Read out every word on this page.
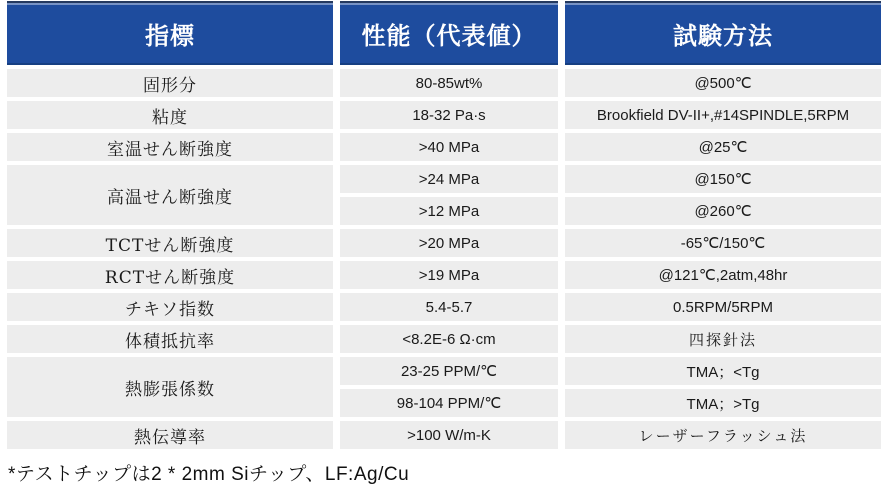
指標	性能（代表値）	試験方法
固形分	80-85wt%	@500℃
粘度	18-32 Pa·s	Brookfield DV-II+,#14SPINDLE,5RPM
室温せん断強度	>40 MPa	@25℃
高温せん断強度	>24 MPa	@150℃
	>12 MPa	@260℃
TCTせん断強度	>20 MPa	-65℃/150℃
RCTせん断強度	>19 MPa	@121℃,2atm,48hr
チキソ指数	5.4-5.7	0.5RPM/5RPM
体積抵抗率	<8.2E-6 Ω·cm	四探針法
熱膨張係数	23-25 PPM/℃	TMA；<Tg
	98-104 PPM/℃	TMA；>Tg
熱伝導率	>100 W/m-K	レーザーフラッシュ法
*テストチップは2 * 2mm Siチップ、LF:Ag/Cu
